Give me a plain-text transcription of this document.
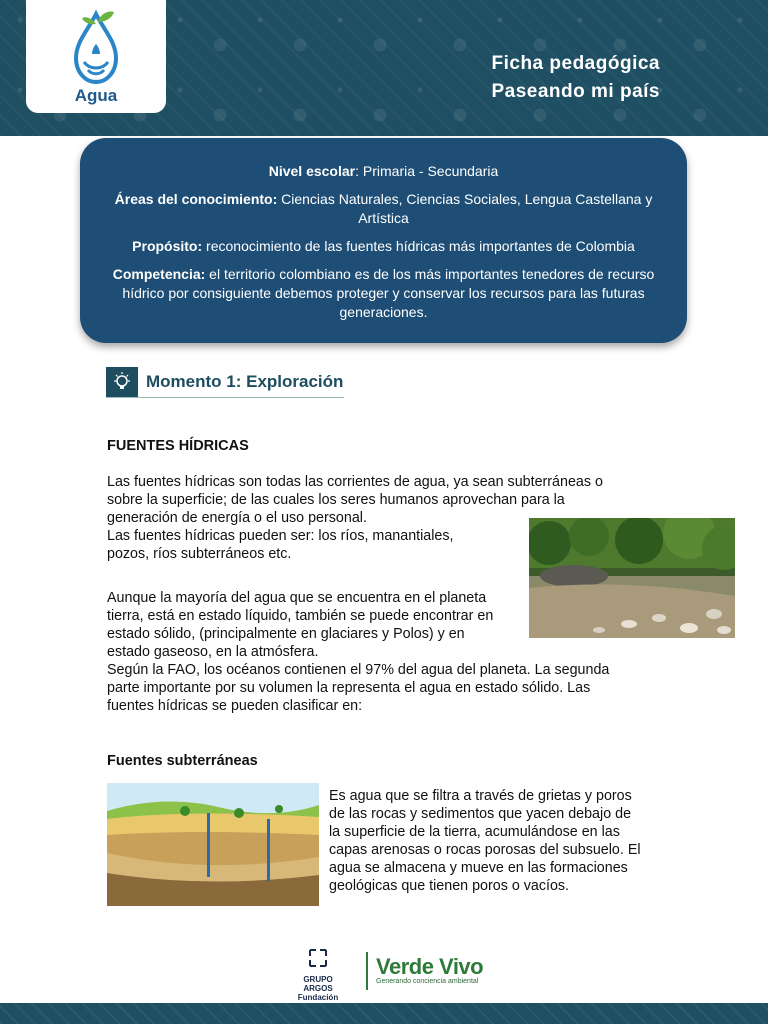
Agua
Ficha pedagógica
Paseando mi país

Nivel escolar: Primaria - Secundaria

Áreas del conocimiento: Ciencias Naturales, Ciencias Sociales, Lengua Castellana y Artística

Propósito: reconocimiento de las fuentes hídricas más importantes de Colombia

Competencia: el territorio colombiano es de los más importantes tenedores de recurso hídrico por consiguiente debemos proteger y conservar los recursos para las futuras generaciones.

Momento 1: Exploración
FUENTES HÍDRICAS

Las fuentes hídricas son todas las corrientes de agua, ya sean subterráneas o

sobre la superficie; de las cuales los seres humanos aprovechan para la

generación de energía o el uso personal.

Las fuentes hídricas pueden ser: los ríos, manantiales,

pozos, ríos subterráneos etc.

Aunque la mayoría del agua que se encuentra en el planeta

tierra, está en estado líquido, también se puede encontrar en

estado sólido, (principalmente en glaciares y Polos) y en

estado gaseoso, en la atmósfera.

Según la FAO, los océanos contienen el 97% del agua del planeta. La segunda

parte importante por su volumen la representa el agua en estado sólido. Las

fuentes hídricas se pueden clasificar en:

Fuentes subterráneas

Es agua que se filtra a través de grietas y poros

de las rocas y sedimentos que yacen debajo de

la superficie de la tierra, acumulándose en las

capas arenosas o rocas porosas del subsuelo. El

agua se almacena y mueve en las formaciones

geológicas que tienen poros o vacíos.

GRUPO ARGOS
Fundación
Verde Vivo
Generando conciencia ambiental
